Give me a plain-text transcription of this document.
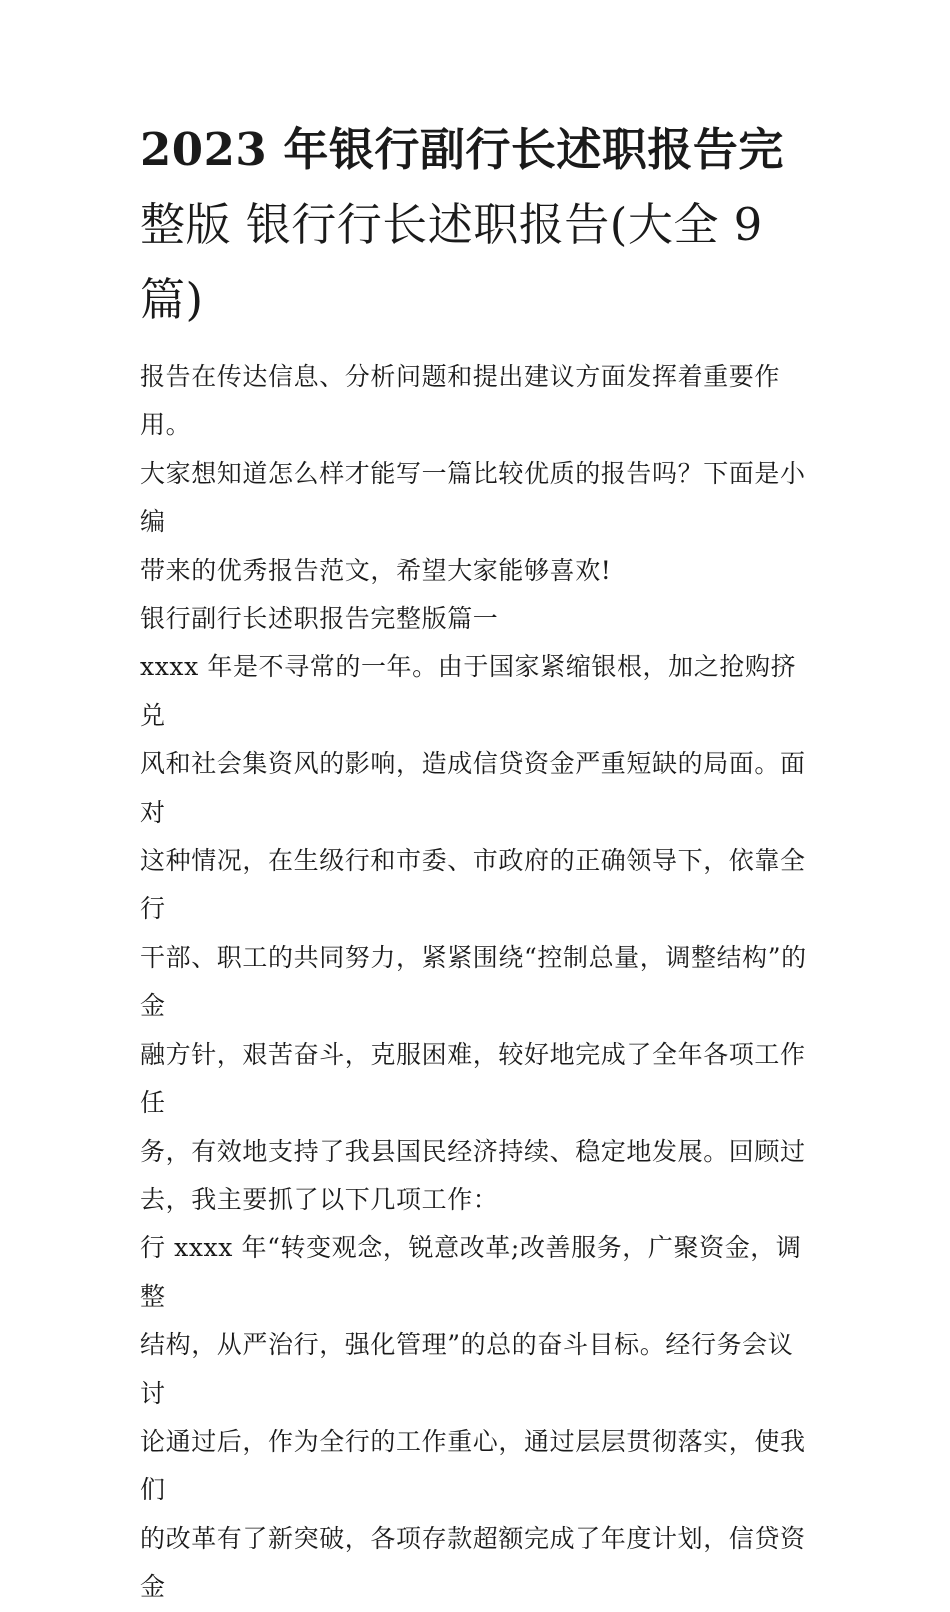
2023 年银行副行长述职报告完
整版 银行行长述职报告(大全 9
篇)
报告在传达信息、分析问题和提出建议方面发挥着重要作用。
大家想知道怎么样才能写一篇比较优质的报告吗？下面是小编
带来的优秀报告范文，希望大家能够喜欢!
银行副行长述职报告完整版篇一
xxxx 年是不寻常的一年。由于国家紧缩银根，加之抢购挤兑
风和社会集资风的影响，造成信贷资金严重短缺的局面。面对
这种情况，在生级行和市委、市政府的正确领导下，依靠全行
干部、职工的共同努力，紧紧围绕“控制总量，调整结构”的金
融方针，艰苦奋斗，克服困难，较好地完成了全年各项工作任
务，有效地支持了我县国民经济持续、稳定地发展。回顾过
去，我主要抓了以下几项工作：
行 xxxx 年“转变观念，锐意改革;改善服务，广聚资金，调整
结构，从严治行，强化管理”的总的奋斗目标。经行务会议讨
论通过后，作为全行的工作重心，通过层层贯彻落实，使我们
的改革有了新突破，各项存款超额完成了年度计划，信贷资金
